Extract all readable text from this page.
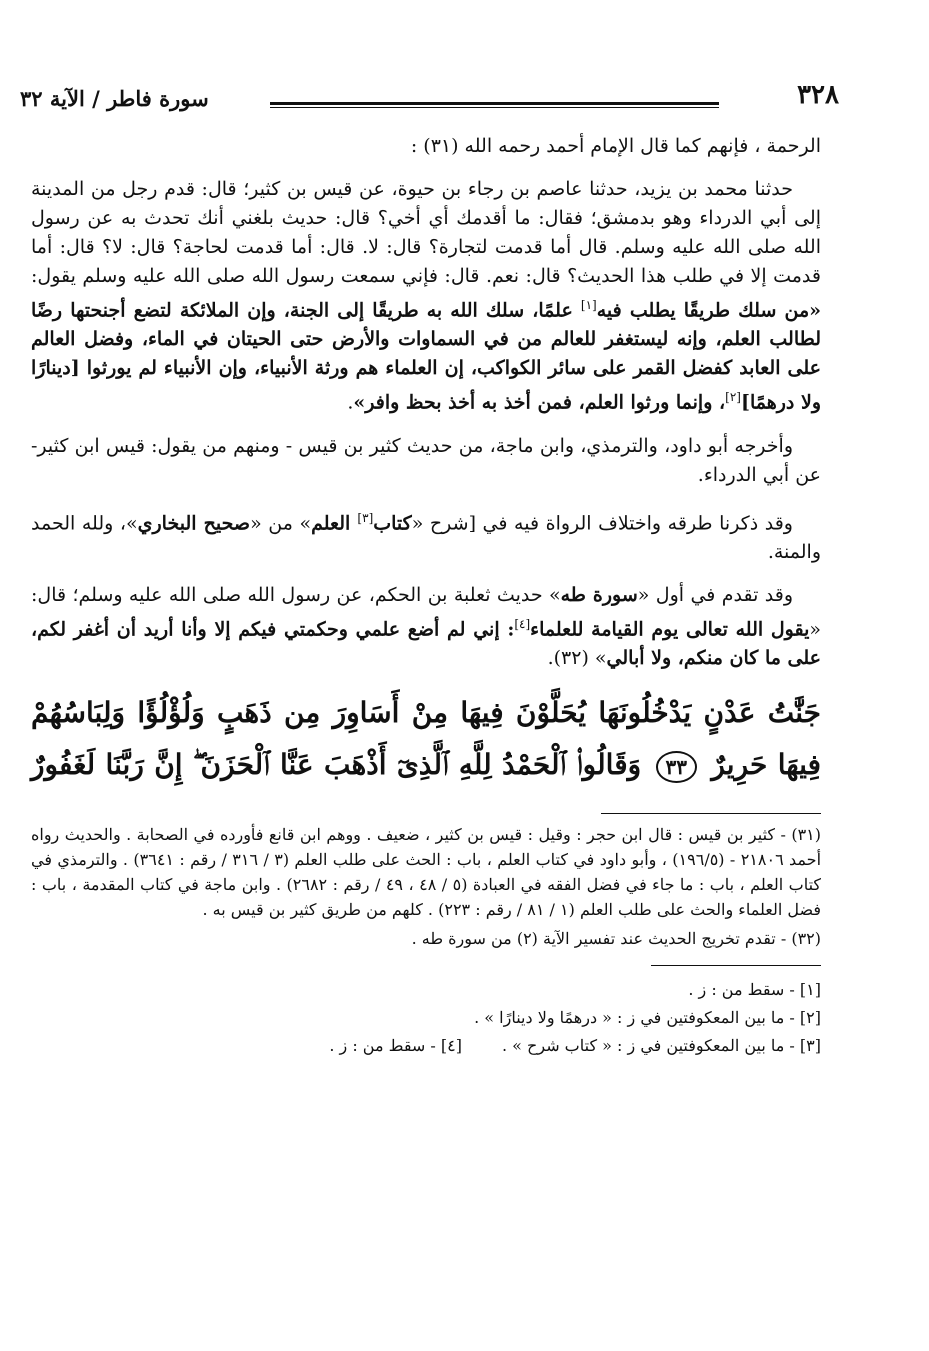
٣٢٨
سورة فاطر / الآية ٣٢

الرحمة ، فإنهم كما قال الإمام أحمد رحمه الله (٣١) :

حدثنا محمد بن يزيد، حدثنا عاصم بن رجاء بن حيوة، عن قيس بن كثير؛ قال: قدم رجل من المدينة إلى أبي الدرداء وهو بدمشق؛ فقال: ما أقدمك أي أخي؟ قال: حديث بلغني أنك تحدث به عن رسول الله صلى الله عليه وسلم. قال أما قدمت لتجارة؟ قال: لا. قال: أما قدمت لحاجة؟ قال: لا؟ قال: أما قدمت إلا في طلب هذا الحديث؟ قال: نعم. قال: فإني سمعت رسول الله صلى الله عليه وسلم يقول: «من سلك طريقًا يطلب فيه[١] علمًا، سلك الله به طريقًا إلى الجنة، وإن الملائكة لتضع أجنحتها رضًا لطالب العلم، وإنه ليستغفر للعالم من في السماوات والأرض حتى الحيتان في الماء، وفضل العالم على العابد كفضل القمر على سائر الكواكب، إن العلماء هم ورثة الأنبياء، وإن الأنبياء لم يورثوا [دينارًا ولا درهمًا][٢]، وإنما ورثوا العلم، فمن أخذ به أخذ بحظ وافر».

وأخرجه أبو داود، والترمذي، وابن ماجة، من حديث كثير بن قيس - ومنهم من يقول: قيس ابن كثير- عن أبي الدرداء.

وقد ذكرنا طرقه واختلاف الرواة فيه في [شرح «كتاب[٣] العلم» من «صحيح البخاري»، ولله الحمد والمنة.

وقد تقدم في أول «سورة طه» حديث ثعلبة بن الحكم، عن رسول الله صلى الله عليه وسلم؛ قال: «يقول الله تعالى يوم القيامة للعلماء[٤]: إني لم أضع علمي وحكمتي فيكم إلا وأنا أريد أن أغفر لكم، على ما كان منكم، ولا أبالي» (٣٢).

جَنَّٰتُ عَدْنٍ يَدْخُلُونَهَا يُحَلَّوْنَ فِيهَا مِنْ أَسَاوِرَ مِن ذَهَبٍ وَلُؤْلُؤًا وَلِبَاسُهُمْ فِيهَا حَرِيرٌ ٣٣ وَقَالُوا۟ ٱلْحَمْدُ لِلَّهِ ٱلَّذِىٓ أَذْهَبَ عَنَّا ٱلْحَزَنَ ۖ إِنَّ رَبَّنَا لَغَفُورٌ

(٣١) - كثير بن قيس : قال ابن حجر : وقيل : قيس بن كثير ، ضعيف . ووهم ابن قانع فأورده في الصحابة . والحديث رواه أحمد ٢١٨٠٦ - (١٩٦/٥) ، وأبو داود في كتاب العلم ، باب : الحث على طلب العلم (٣ / ٣١٦ / رقم : ٣٦٤١) . والترمذي في كتاب العلم ، باب : ما جاء في فضل الفقه في العبادة (٥ / ٤٨ ، ٤٩ / رقم : ٢٦٨٢) . وابن ماجة في كتاب المقدمة ، باب : فضل العلماء والحث على طلب العلم (١ / ٨١ / رقم : ٢٢٣) . كلهم من طريق كثير بن قيس به .

(٣٢) - تقدم تخريج الحديث عند تفسير الآية (٢) من سورة طه .

[١] - سقط من : ز .

[٢] - ما بين المعكوفتين في ز : « درهمًا ولا دينارًا » .

[٣] - ما بين المعكوفتين في ز : « كتاب شرح » .[٤] - سقط من : ز .
